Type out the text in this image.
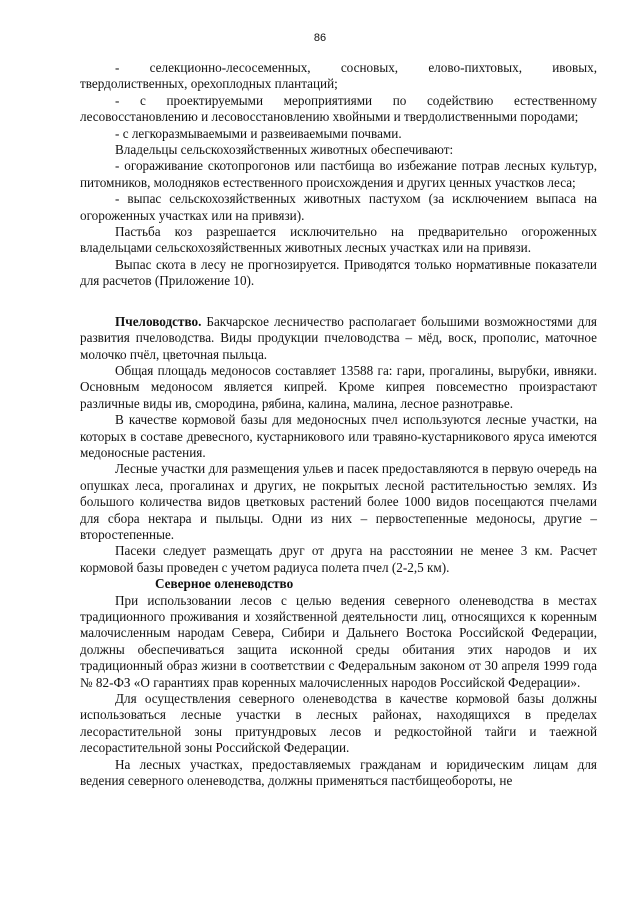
86

- селекционно-лесосеменных, сосновых, елово-пихтовых, ивовых, твердолиственных, орехоплодных плантаций;

- с проектируемыми мероприятиями по содействию естественному лесовосстановлению и лесовосстановлению хвойными и твердолиственными породами;

- с легкоразмываемыми и развеиваемыми почвами.

Владельцы сельскохозяйственных животных обеспечивают:

- огораживание скотопрогонов или пастбища во избежание потрав лесных культур, питомников, молодняков естественного происхождения и других ценных участков леса;

- выпас сельскохозяйственных животных пастухом (за исключением выпаса на огороженных участках или на привязи).

Пастьба коз разрешается исключительно на предварительно огороженных владельцами сельскохозяйственных животных лесных участках или на привязи.

Выпас скота в лесу не прогнозируется. Приводятся только нормативные показатели для расчетов (Приложение 10).

Пчеловодство. Бакчарское лесничество располагает большими возможностями для развития пчеловодства. Виды продукции пчеловодства – мёд, воск, прополис, маточное молочко пчёл, цветочная пыльца.

Общая площадь медоносов составляет 13588 га: гари, прогалины, вырубки, ивняки. Основным медоносом является кипрей. Кроме кипрея повсеместно произрастают различные виды ив, смородина, рябина, калина, малина, лесное разнотравье.

В качестве кормовой базы для медоносных пчел используются лесные участки, на которых в составе древесного, кустарникового или травяно-кустарникового яруса имеются медоносные растения.

Лесные участки для размещения ульев и пасек предоставляются в первую очередь на опушках леса, прогалинах и других, не покрытых лесной растительностью землях. Из большого количества видов цветковых растений более 1000 видов посещаются пчелами для сбора нектара и пыльцы. Одни из них – первостепенные медоносы, другие – второстепенные.

Пасеки следует размещать друг от друга на расстоянии не менее 3 км. Расчет кормовой базы проведен с учетом радиуса полета пчел (2-2,5 км).

Северное оленеводство

При использовании лесов с целью ведения северного оленеводства в местах традиционного проживания и хозяйственной деятельности лиц, относящихся к коренным малочисленным народам Севера, Сибири и Дальнего Востока Российской Федерации, должны обеспечиваться защита исконной среды обитания этих народов и их традиционный образ жизни в соответствии с Федеральным законом от 30 апреля 1999 года № 82-ФЗ «О гарантиях прав коренных малочисленных народов Российской Федерации».

Для осуществления северного оленеводства в качестве кормовой базы должны использоваться лесные участки в лесных районах, находящихся в пределах лесорастительной зоны притундровых лесов и редкостойной тайги и таежной лесорастительной зоны Российской Федерации.

На лесных участках, предоставляемых гражданам и юридическим лицам для ведения северного оленеводства, должны применяться пастбищеобороты, не
